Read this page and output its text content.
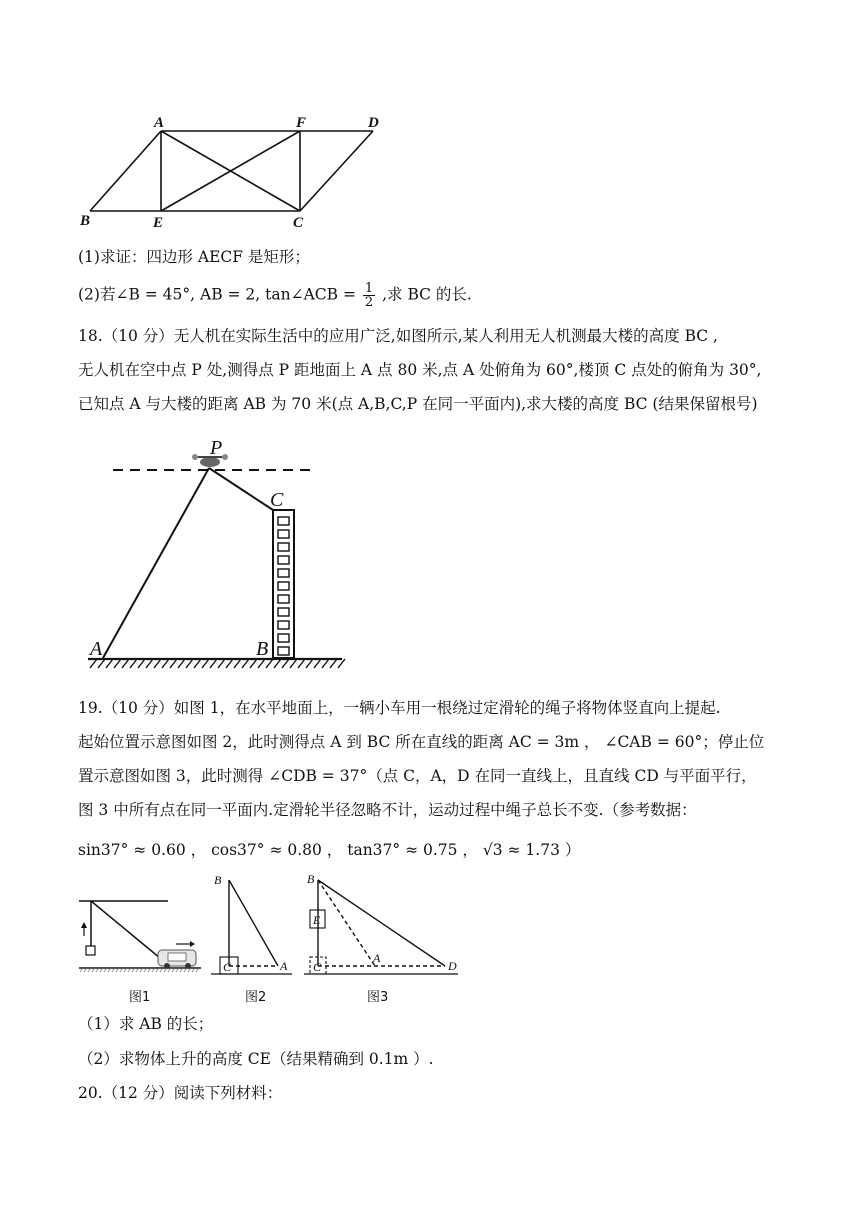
A	F	D
B	E	C
(1)求证：四边形 AECF 是矩形；
(2)若∠B = 45°, AB = 2, tan∠ACB = $\frac{1}{2}$ ,求 BC 的长.
18.（10 分）无人机在实际生活中的应用广泛,如图所示,某人利用无人机测最大楼的高度 BC ,
无人机在空中点 P 处,测得点 P 距地面上 A 点 80 米,点 A 处俯角为 60°,楼顶 C 点处的俯角为 30°,
已知点 A 与大楼的距离 AB 为 70 米(点 A,B,C,P 在同一平面内),求大楼的高度 BC (结果保留根号)
P
C
A	B
19.（10 分）如图 1，在水平地面上，一辆小车用一根绕过定滑轮的绳子将物体竖直向上提起.
起始位置示意图如图 2，此时测得点 A 到 BC 所在直线的距离 AC = 3m ， ∠CAB = 60°；停止位
置示意图如图 3，此时测得 ∠CDB = 37°（点 C，A，D 在同一直线上，且直线 CD 与平面平行，
图 3 中所有点在同一平面内.定滑轮半径忽略不计，运动过程中绳子总长不变.（参考数据：
sin37° ≈ 0.60 ， cos37° ≈ 0.80 ， tan37° ≈ 0.75 ， √3 ≈ 1.73 ）
图1
B
C	A
图2
B
E
C
A
D
图3
（1）求 AB 的长；
（2）求物体上升的高度 CE（结果精确到 0.1m ）.
20.（12 分）阅读下列材料：
